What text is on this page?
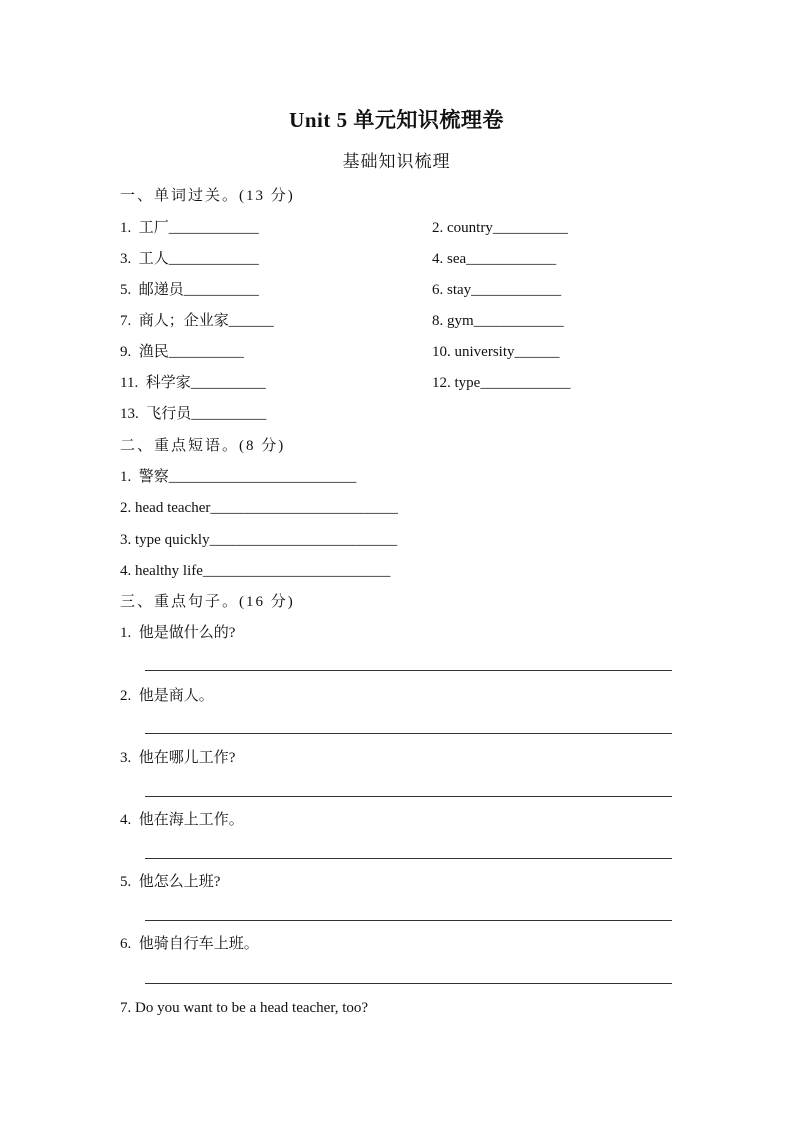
Unit 5 单元知识梳理卷
基础知识梳理
一、单词过关。(13 分)
1.  工厂____________	2. country__________
3.  工人____________	4. sea____________
5.  邮递员__________	6. stay____________
7.  商人；企业家______	8. gym____________
9.  渔民__________	10. university______
11.  科学家__________	12. type____________
13.  飞行员__________
二、重点短语。(8 分)
1.  警察_________________________
2. head teacher_________________________
3. type quickly_________________________
4. healthy life_________________________
三、重点句子。(16 分)
1.  他是做什么的?
2.  他是商人。
3.  他在哪儿工作?
4.  他在海上工作。
5.  他怎么上班?
6.  他骑自行车上班。
7. Do you want to be a head teacher, too?
